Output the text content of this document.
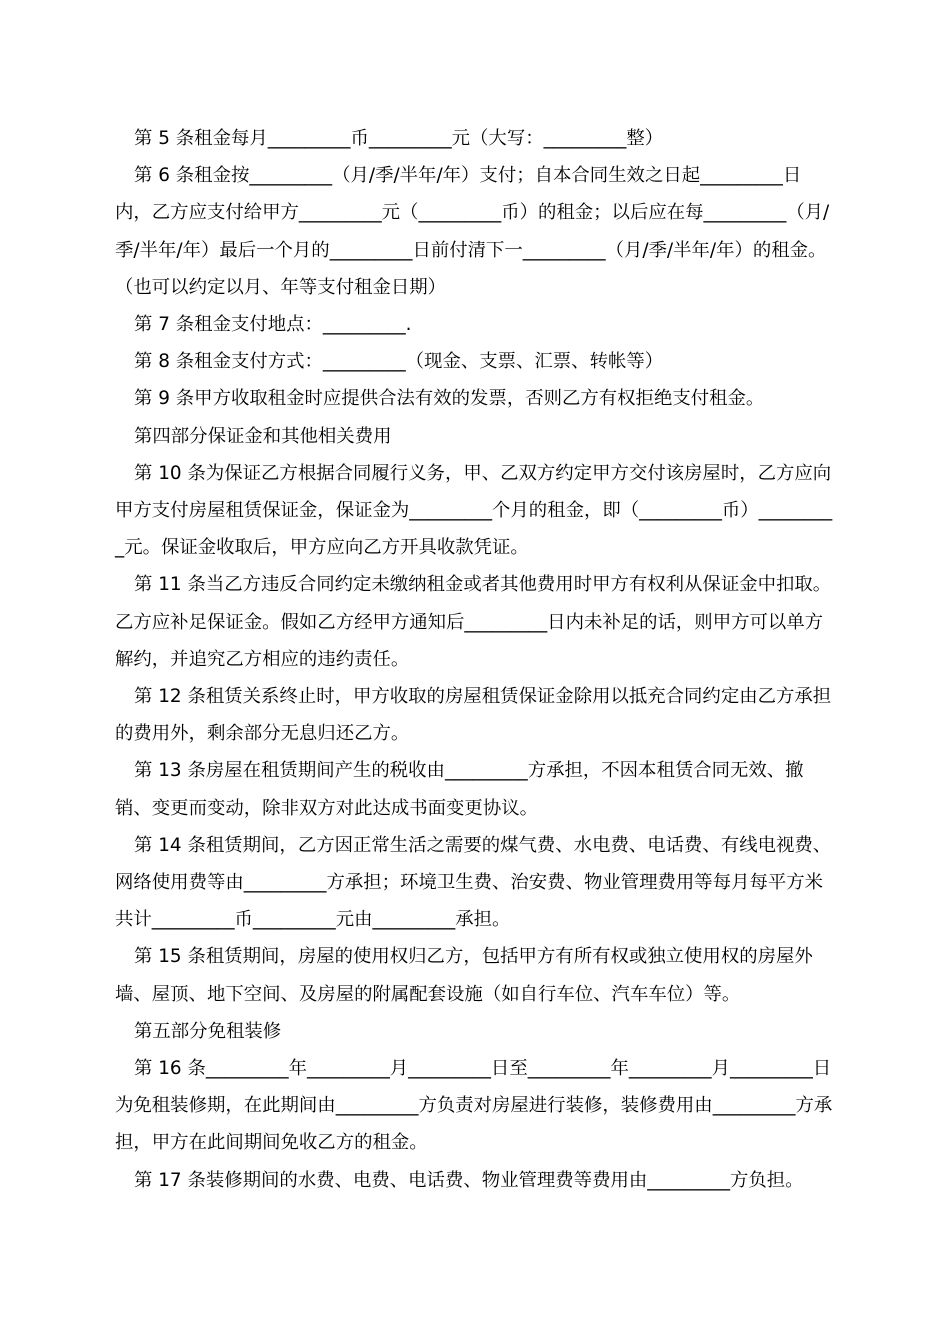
第 5 条租金每月_________币_________元（大写：_________整）

第 6 条租金按_________（月/季/半年/年）支付；自本合同生效之日起_________日内，乙方应支付给甲方_________元（_________币）的租金；以后应在每_________（月/季/半年/年）最后一个月的_________日前付清下一_________（月/季/半年/年）的租金。（也可以约定以月、年等支付租金日期）

第 7 条租金支付地点：_________.

第 8 条租金支付方式：_________（现金、支票、汇票、转帐等）

第 9 条甲方收取租金时应提供合法有效的发票，否则乙方有权拒绝支付租金。

第四部分保证金和其他相关费用

第 10 条为保证乙方根据合同履行义务，甲、乙双方约定甲方交付该房屋时，乙方应向甲方支付房屋租赁保证金，保证金为_________个月的租金，即（_________币）_________元。保证金收取后，甲方应向乙方开具收款凭证。

第 11 条当乙方违反合同约定未缴纳租金或者其他费用时甲方有权利从保证金中扣取。乙方应补足保证金。假如乙方经甲方通知后_________日内未补足的话，则甲方可以单方解约，并追究乙方相应的违约责任。

第 12 条租赁关系终止时，甲方收取的房屋租赁保证金除用以抵充合同约定由乙方承担的费用外，剩余部分无息归还乙方。

第 13 条房屋在租赁期间产生的税收由_________方承担，不因本租赁合同无效、撤销、变更而变动，除非双方对此达成书面变更协议。

第 14 条租赁期间，乙方因正常生活之需要的煤气费、水电费、电话费、有线电视费、网络使用费等由_________方承担；环境卫生费、治安费、物业管理费用等每月每平方米共计_________币_________元由_________承担。

第 15 条租赁期间，房屋的使用权归乙方，包括甲方有所有权或独立使用权的房屋外墙、屋顶、地下空间、及房屋的附属配套设施（如自行车位、汽车车位）等。

第五部分免租装修

第 16 条_________年_________月_________日至_________年_________月_________日为免租装修期，在此期间由_________方负责对房屋进行装修，装修费用由_________方承担，甲方在此间期间免收乙方的租金。

第 17 条装修期间的水费、电费、电话费、物业管理费等费用由_________方负担。
